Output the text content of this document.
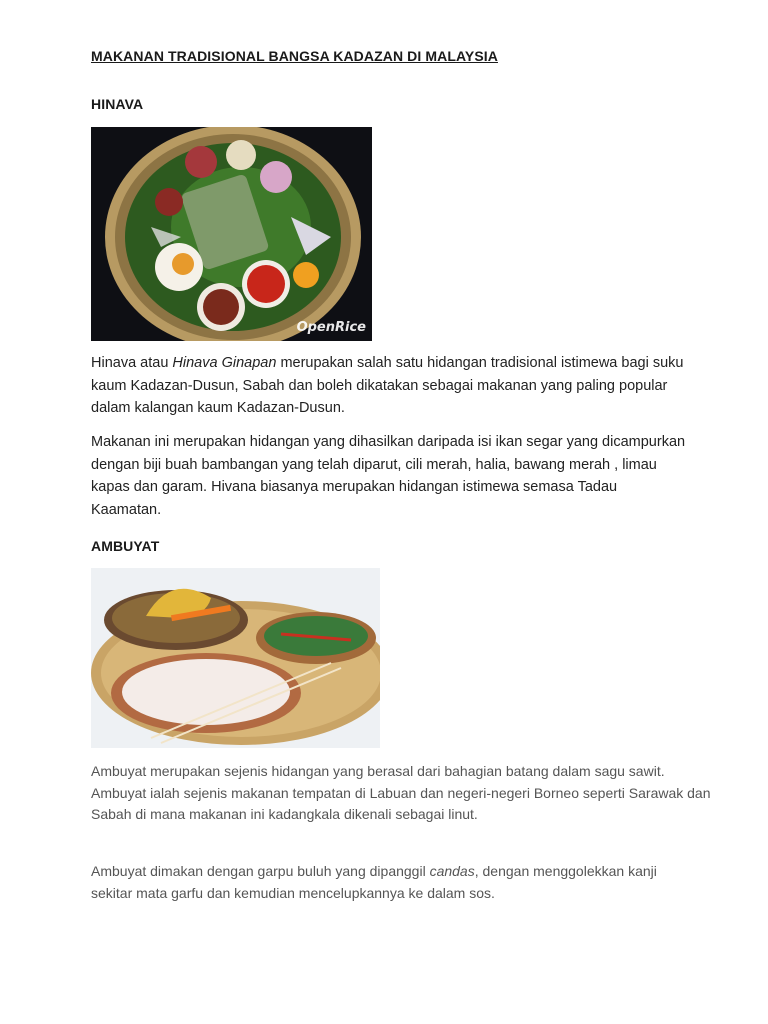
MAKANAN TRADISIONAL BANGSA KADAZAN DI MALAYSIA
HINAVA
OpenRice

Hinava atau Hinava Ginapan merupakan salah satu hidangan tradisional istimewa bagi suku kaum Kadazan-Dusun, Sabah dan boleh dikatakan sebagai makanan yang paling popular dalam kalangan kaum Kadazan-Dusun.

Makanan ini merupakan hidangan yang dihasilkan daripada isi ikan segar yang dicampurkan dengan biji buah bambangan yang telah diparut, cili merah, halia, bawang merah , limau kapas dan garam. Hivana biasanya merupakan hidangan istimewa semasa Tadau Kaamatan.

AMBUYAT

Ambuyat merupakan sejenis hidangan yang berasal dari bahagian batang dalam sagu sawit. Ambuyat ialah sejenis makanan tempatan di Labuan dan negeri-negeri Borneo seperti Sarawak dan Sabah di mana makanan ini kadangkala dikenali sebagai linut.

Ambuyat dimakan dengan garpu buluh yang dipanggil candas, dengan menggolekkan kanji sekitar mata garfu dan kemudian mencelupkannya ke dalam sos.
